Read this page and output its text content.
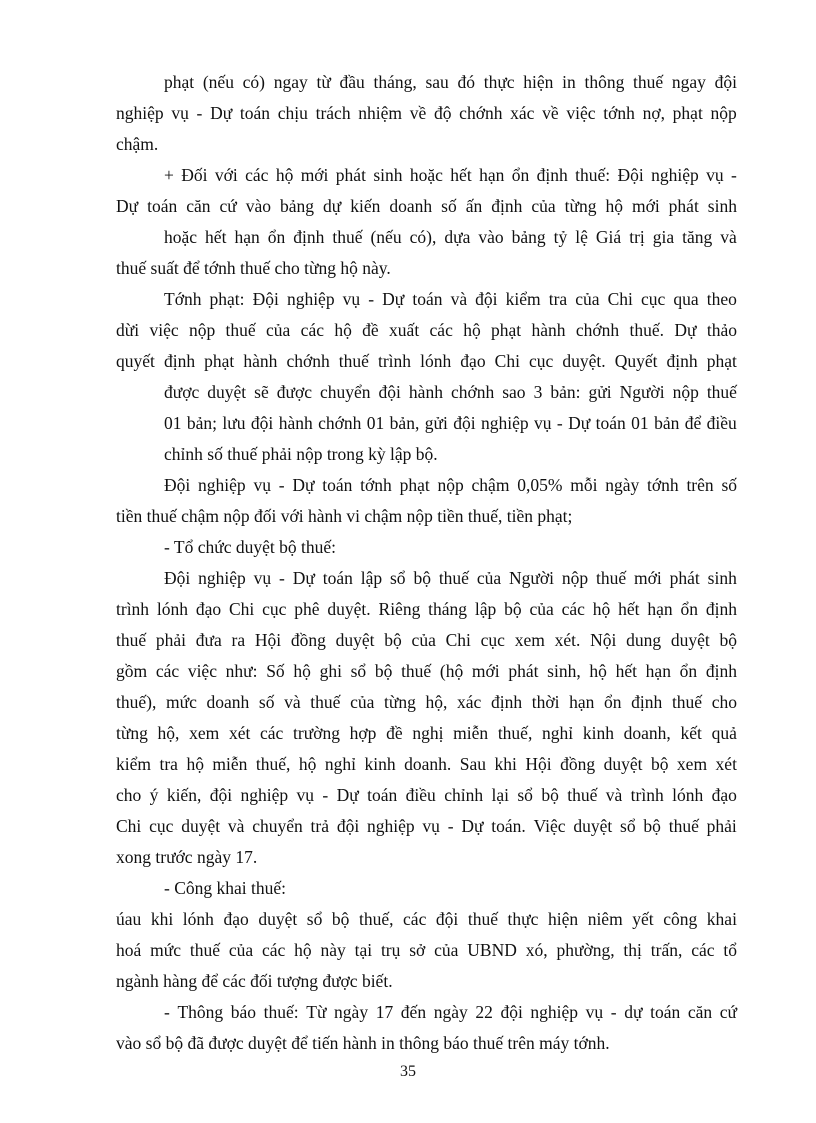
phạt (nếu có) ngay từ đầu tháng, sau đó thực hiện in thông thuế ngay đội
nghiệp vụ - Dự toán chịu trách nhiệm về độ chớnh xác về việc tớnh nợ, phạt nộp
chậm.
+ Đối với các hộ mới phát sinh hoặc hết hạn ổn định thuế: Đội nghiệp vụ -
Dự toán căn cứ vào bảng dự kiến doanh số ấn định của từng hộ mới phát sinh
hoặc hết hạn ổn định thuế (nếu có), dựa vào bảng tỷ lệ Giá trị gia tăng và
thuế suất để tớnh thuế cho từng hộ này.
Tớnh phạt: Đội nghiệp vụ - Dự toán và đội kiểm tra của Chi cục qua theo
dừi việc nộp thuế của các hộ đề xuất các hộ phạt hành chớnh thuế. Dự thảo
quyết định phạt hành chớnh thuế trình lónh đạo Chi cục duyệt. Quyết định phạt
được duyệt sẽ được chuyển đội hành chớnh sao 3 bản: gửi Người nộp thuế
01 bản; lưu đội hành chớnh 01 bản, gửi đội nghiệp vụ - Dự toán 01 bản để điều
chỉnh số thuế phải nộp trong kỳ lập bộ.
Đội nghiệp vụ - Dự toán tớnh phạt nộp chậm 0,05% mỗi ngày tớnh trên số
tiền thuế chậm nộp đối với hành vi chậm nộp tiền thuế, tiền phạt;
- Tổ chức duyệt bộ thuế:
Đội nghiệp vụ - Dự toán lập sổ bộ thuế của Người nộp thuế mới phát sinh
trình lónh đạo Chi cục phê duyệt. Riêng tháng lập bộ của các hộ hết hạn ổn định
thuế phải đưa ra Hội đồng duyệt bộ của Chi cục xem xét. Nội dung duyệt bộ
gồm các việc như: Số hộ ghi sổ bộ thuế (hộ mới phát sinh, hộ hết hạn ổn định
thuế), mức doanh số và thuế của từng hộ, xác định thời hạn ổn định thuế cho
từng hộ, xem xét các trường hợp đề nghị miễn thuế, nghỉ kinh doanh, kết quả
kiểm tra hộ miễn thuế, hộ nghỉ kinh doanh. Sau khi Hội đồng duyệt bộ xem xét
cho ý kiến, đội nghiệp vụ - Dự toán điều chỉnh lại sổ bộ thuế và trình lónh đạo
Chi cục duyệt và chuyển trả đội nghiệp vụ - Dự toán. Việc duyệt sổ bộ thuế phải
xong trước ngày 17.
- Công khai thuế:
úau khi lónh đạo duyệt sổ bộ thuế, các đội thuế thực hiện niêm yết công khai
hoá mức thuế của các hộ này tại trụ sở của UBND xó, phường, thị trấn, các tổ
ngành hàng để các đối tượng được biết.
- Thông báo thuế: Từ ngày 17 đến ngày 22 đội nghiệp vụ - dự toán căn cứ
vào sổ bộ đã được duyệt để tiến hành in thông báo thuế trên máy tớnh.
35
